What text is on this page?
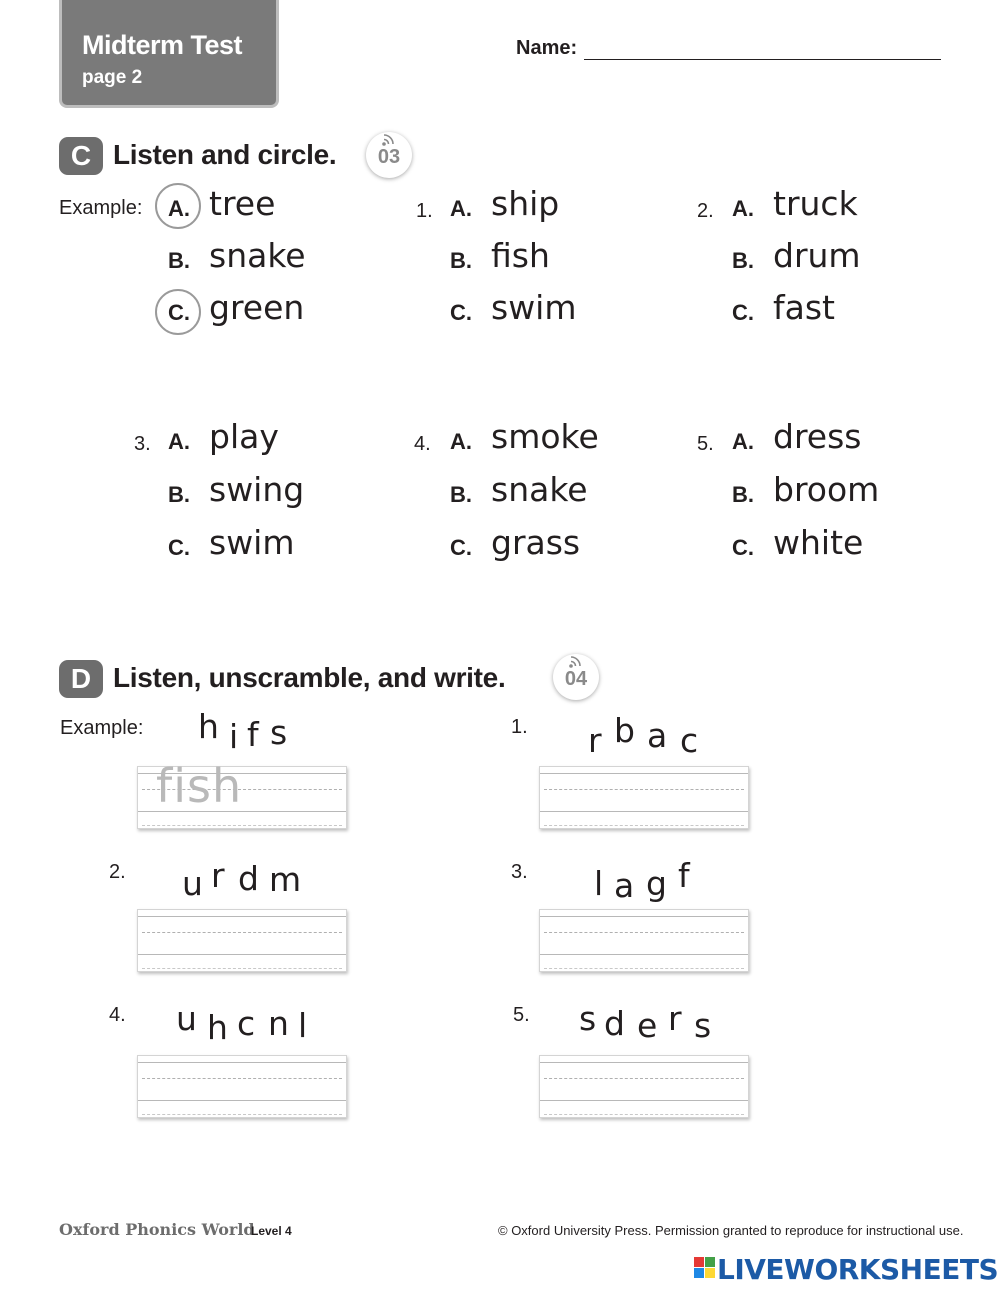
Midterm Test
page 2
Name:
C Listen and circle.	03
Example: A. tree
B. snake
C. green
1. A. ship
B. fish
C. swim
2. A. truck
B. drum
C. fast
3. A. play
B. swing
C. swim
4. A. smoke
B. snake
C. grass
5. A. dress
B. broom
C. white
D Listen, unscramble, and write.	04
Example: h i f s
fish
1. r b a c
2. u r d m	3. l a g f
4. u h c n l	5. s d e r s
Oxford Phonics World
Level 4	© Oxford University Press. Permission granted to reproduce for instructional use.
LIVEWORKSHEETS
